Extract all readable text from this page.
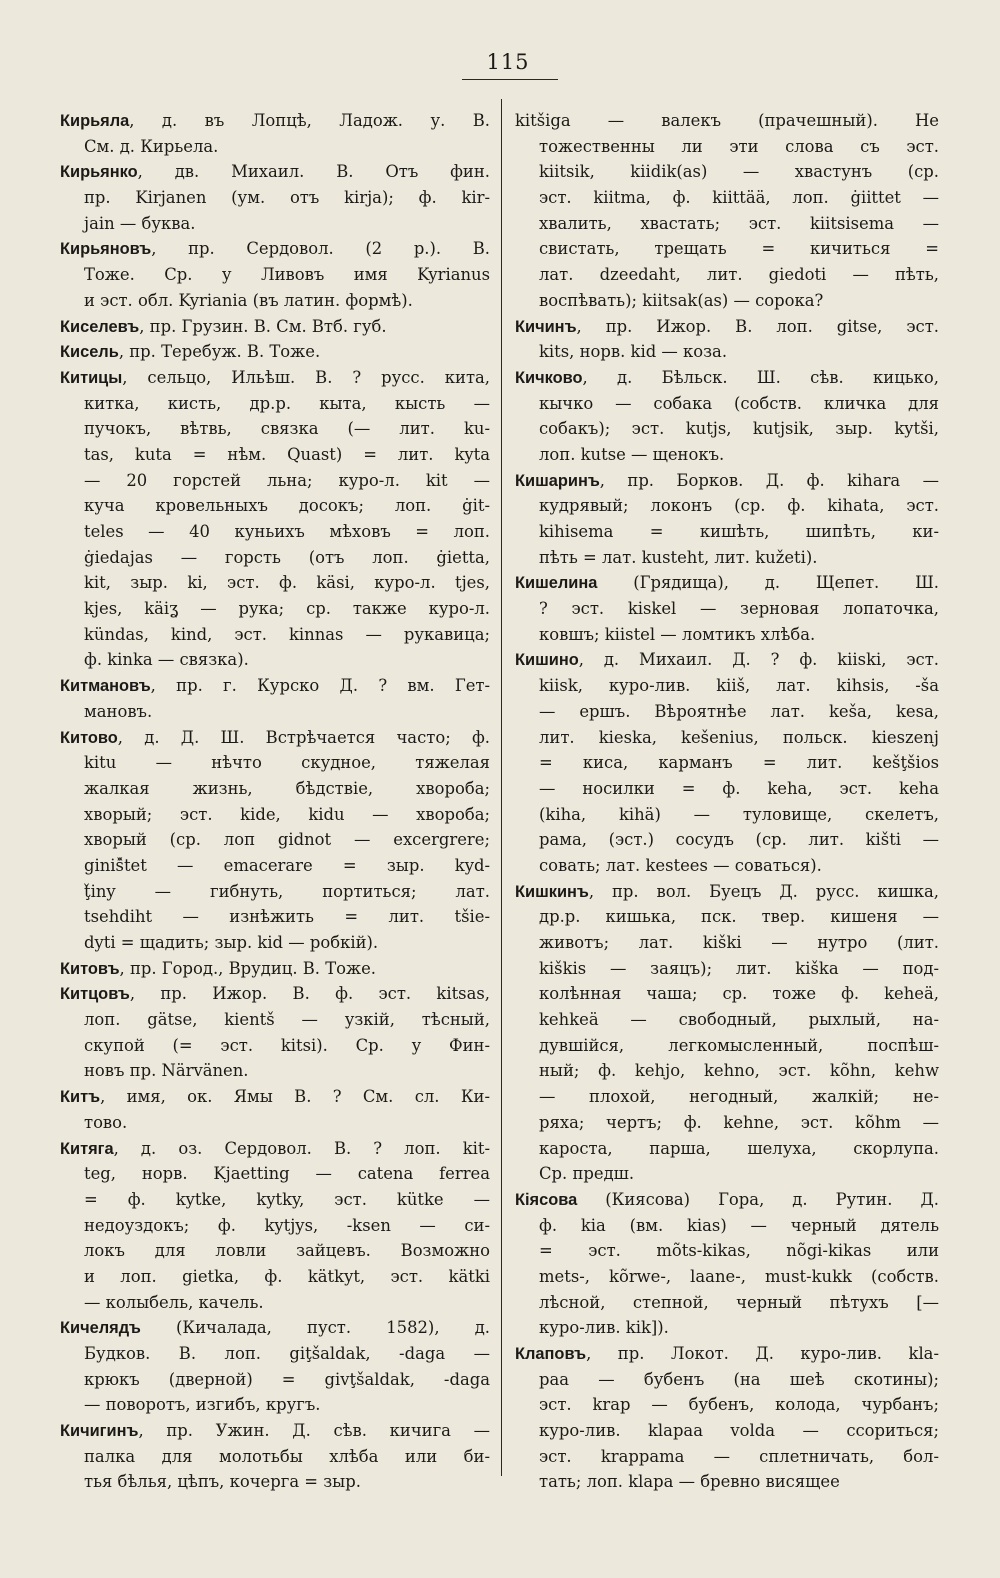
115
Кирьяла, д. въ Лопцѣ, Ладож. у. В.
См. д. Кирьела.
Кирьянко, дв. Михаил. В. Отъ фин.
пр. Kirjanen (ум. отъ kirja); ф. kir-
jain — буква.
Кирьяновъ, пр. Сердовол. (2 р.). В.
Тоже. Ср. у Ливовъ имя Kyrianus
и эст. обл. Kyriania (въ латин. формѣ).
Киселевъ, пр. Грузин. В. См. Втб. губ.
Кисель, пр. Теребуж. В. Тоже.
Китицы, сельцо, Ильѣш. В. ? русс. кита,
китка, кисть, др.р. кыта, кысть —
пучокъ, вѣтвь, связка (— лит. ku-
tas, kuta = нѣм. Quast) = лит. kyta
— 20 горстей льна; куро-л. kit —
куча кровельныхъ досокъ; лоп. ġit-
teles — 40 куньихъ мѣховъ = лоп.
ġiedajas — горсть (отъ лоп. ġietta,
kit, зыр. ki, эст. ф. käsi, куро-л. tjes,
kjes, käiʓ — рука; ср. также куро-л.
kündas, kind, эст. kinnas — рукавица;
ф. kinka — связка).
Китмановъ, пр. г. Курско Д. ? вм. Гет-
мановъ.
Китово, д. Д. Ш. Встрѣчается часто; ф.
kitu — нѣчто скудное, тяжелая
жалкая жизнь, бѣдствіе, хвороба;
хворый; эст. kide, kidu — хвороба;
хворый (ср. лоп gidnot — excergrere;
giniš̂tet — emacerare = зыр. kyd-
ţ̌iny — гибнуть, портиться; лат.
tsehdiht — изнѣжить = лит. tšie-
dyti = щадить; зыр. kid — робкій).
Китовъ, пр. Город., Врудиц. В. Тоже.
Китцовъ, пр. Ижор. В. ф. эст. kitsas,
лоп. gätse, kientš — узкій, тѣсный,
скупой (= эст. kitsi). Ср. у Фин-
новъ пр. Närvänen.
Китъ, имя, ок. Ямы В. ? См. сл. Ки-
тово.
Китяга, д. оз. Сердовол. В. ? лоп. kit-
teg, норв. Kjaetting — catena ferrea
= ф. kytke, kytky, эст. kütke —
недоуздокъ; ф. kytjys, -ksen — си-
локъ для ловли зайцевъ. Возможно
и лоп. gietka, ф. kätkyt, эст. kätki
— колыбель, качель.
Кичелядъ (Кичалада, пуст. 1582), д.
Будков. В. лоп. giţšaldak, -daga —
крюкъ (дверной) = givţšaldak, -daga
— поворотъ, изгибъ, кругъ.
Кичигинъ, пр. Ужин. Д. сѣв. кичига —
палка для молотьбы хлѣба или би-
тья бѣлья, цѣпъ, кочерга = зыр.
kitšiga — валекъ (прачешный). Не
тожественны ли эти слова съ эст.
kiitsik, kiidik(as) — хвастунъ (ср.
эст. kiitma, ф. kiittää, лоп. ġiittet —
хвалить, хвастать; эст. kiitsisema —
свистать, трещать = кичиться =
лат. dzeedaht, лит. giedoti — пѣть,
воспѣвать); kiitsak(as) — сорока?
Кичинъ, пр. Ижор. В. лоп. gitse, эст.
kits, норв. kid — коза.
Кичково, д. Бѣльск. Ш. сѣв. кицько,
кычко — собака (собств. кличка для
собакъ); эст. kutjs, kutjsik, зыр. kytši,
лоп. kutse — щенокъ.
Кишаринъ, пр. Борков. Д. ф. kihara —
кудрявый; локонъ (ср. ф. kihata, эст.
kihisema = кишѣть, шипѣть, ки-
пѣть = лат. kusteht, лит. kužeti).
Кишелина (Грядища), д. Щепет. Ш.
? эст. kiskel — зерновая лопаточка,
ковшъ; kiistel — ломтикъ хлѣба.
Кишино, д. Михаил. Д. ? ф. kiiski, эст.
kiisk, куро-лив. kiiš, лат. kihsis, -ša
— ершъ. Вѣроятнѣе лат. keša, kesa,
лит. kieska, kešenius, польск. kieszenj
= киса, карманъ = лит. kešţšios
— носилки = ф. keha, эст. keha
(kiha, kihä) — туловище, скелетъ,
рама, (эст.) сосудъ (ср. лит. kišti —
совать; лат. kestees — соваться).
Кишкинъ, пр. вол. Буецъ Д. русс. кишка,
др.р. кишька, пск. твер. кишеня —
животъ; лат. kiški — нутро (лит.
kiškis — заяцъ); лит. kiška — под-
колѣнная чаша; ср. тоже ф. keheä,
kehkeä — свободный, рыхлый, на-
дувшійся, легкомысленный, поспѣш-
ный; ф. kehjo, kehno, эст. kõhn, kehw
— плохой, негодный, жалкій; не-
ряха; чертъ; ф. kehne, эст. kõhm —
кароста, парша, шелуха, скорлупа.
Ср. предш.
Кіясова (Киясова) Гора, д. Рутин. Д.
ф. kia (вм. kias) — черный дятель
= эст. mõts-kikas, nõgi-kikas или
mets-, kõrwe-, laane-, must-kukk (собств.
лѣсной, степной, черный пѣтухъ [—
куро-лив. kik]).
Клаповъ, пр. Локот. Д. куро-лив. kla-
paa — бубенъ (на шеѣ скотины);
эст. krap — бубенъ, колода, чурбанъ;
куро-лив. klapaa volda — ссориться;
эст. krappama — сплетничать, бол-
тать; лоп. klapa — бревно висящее
